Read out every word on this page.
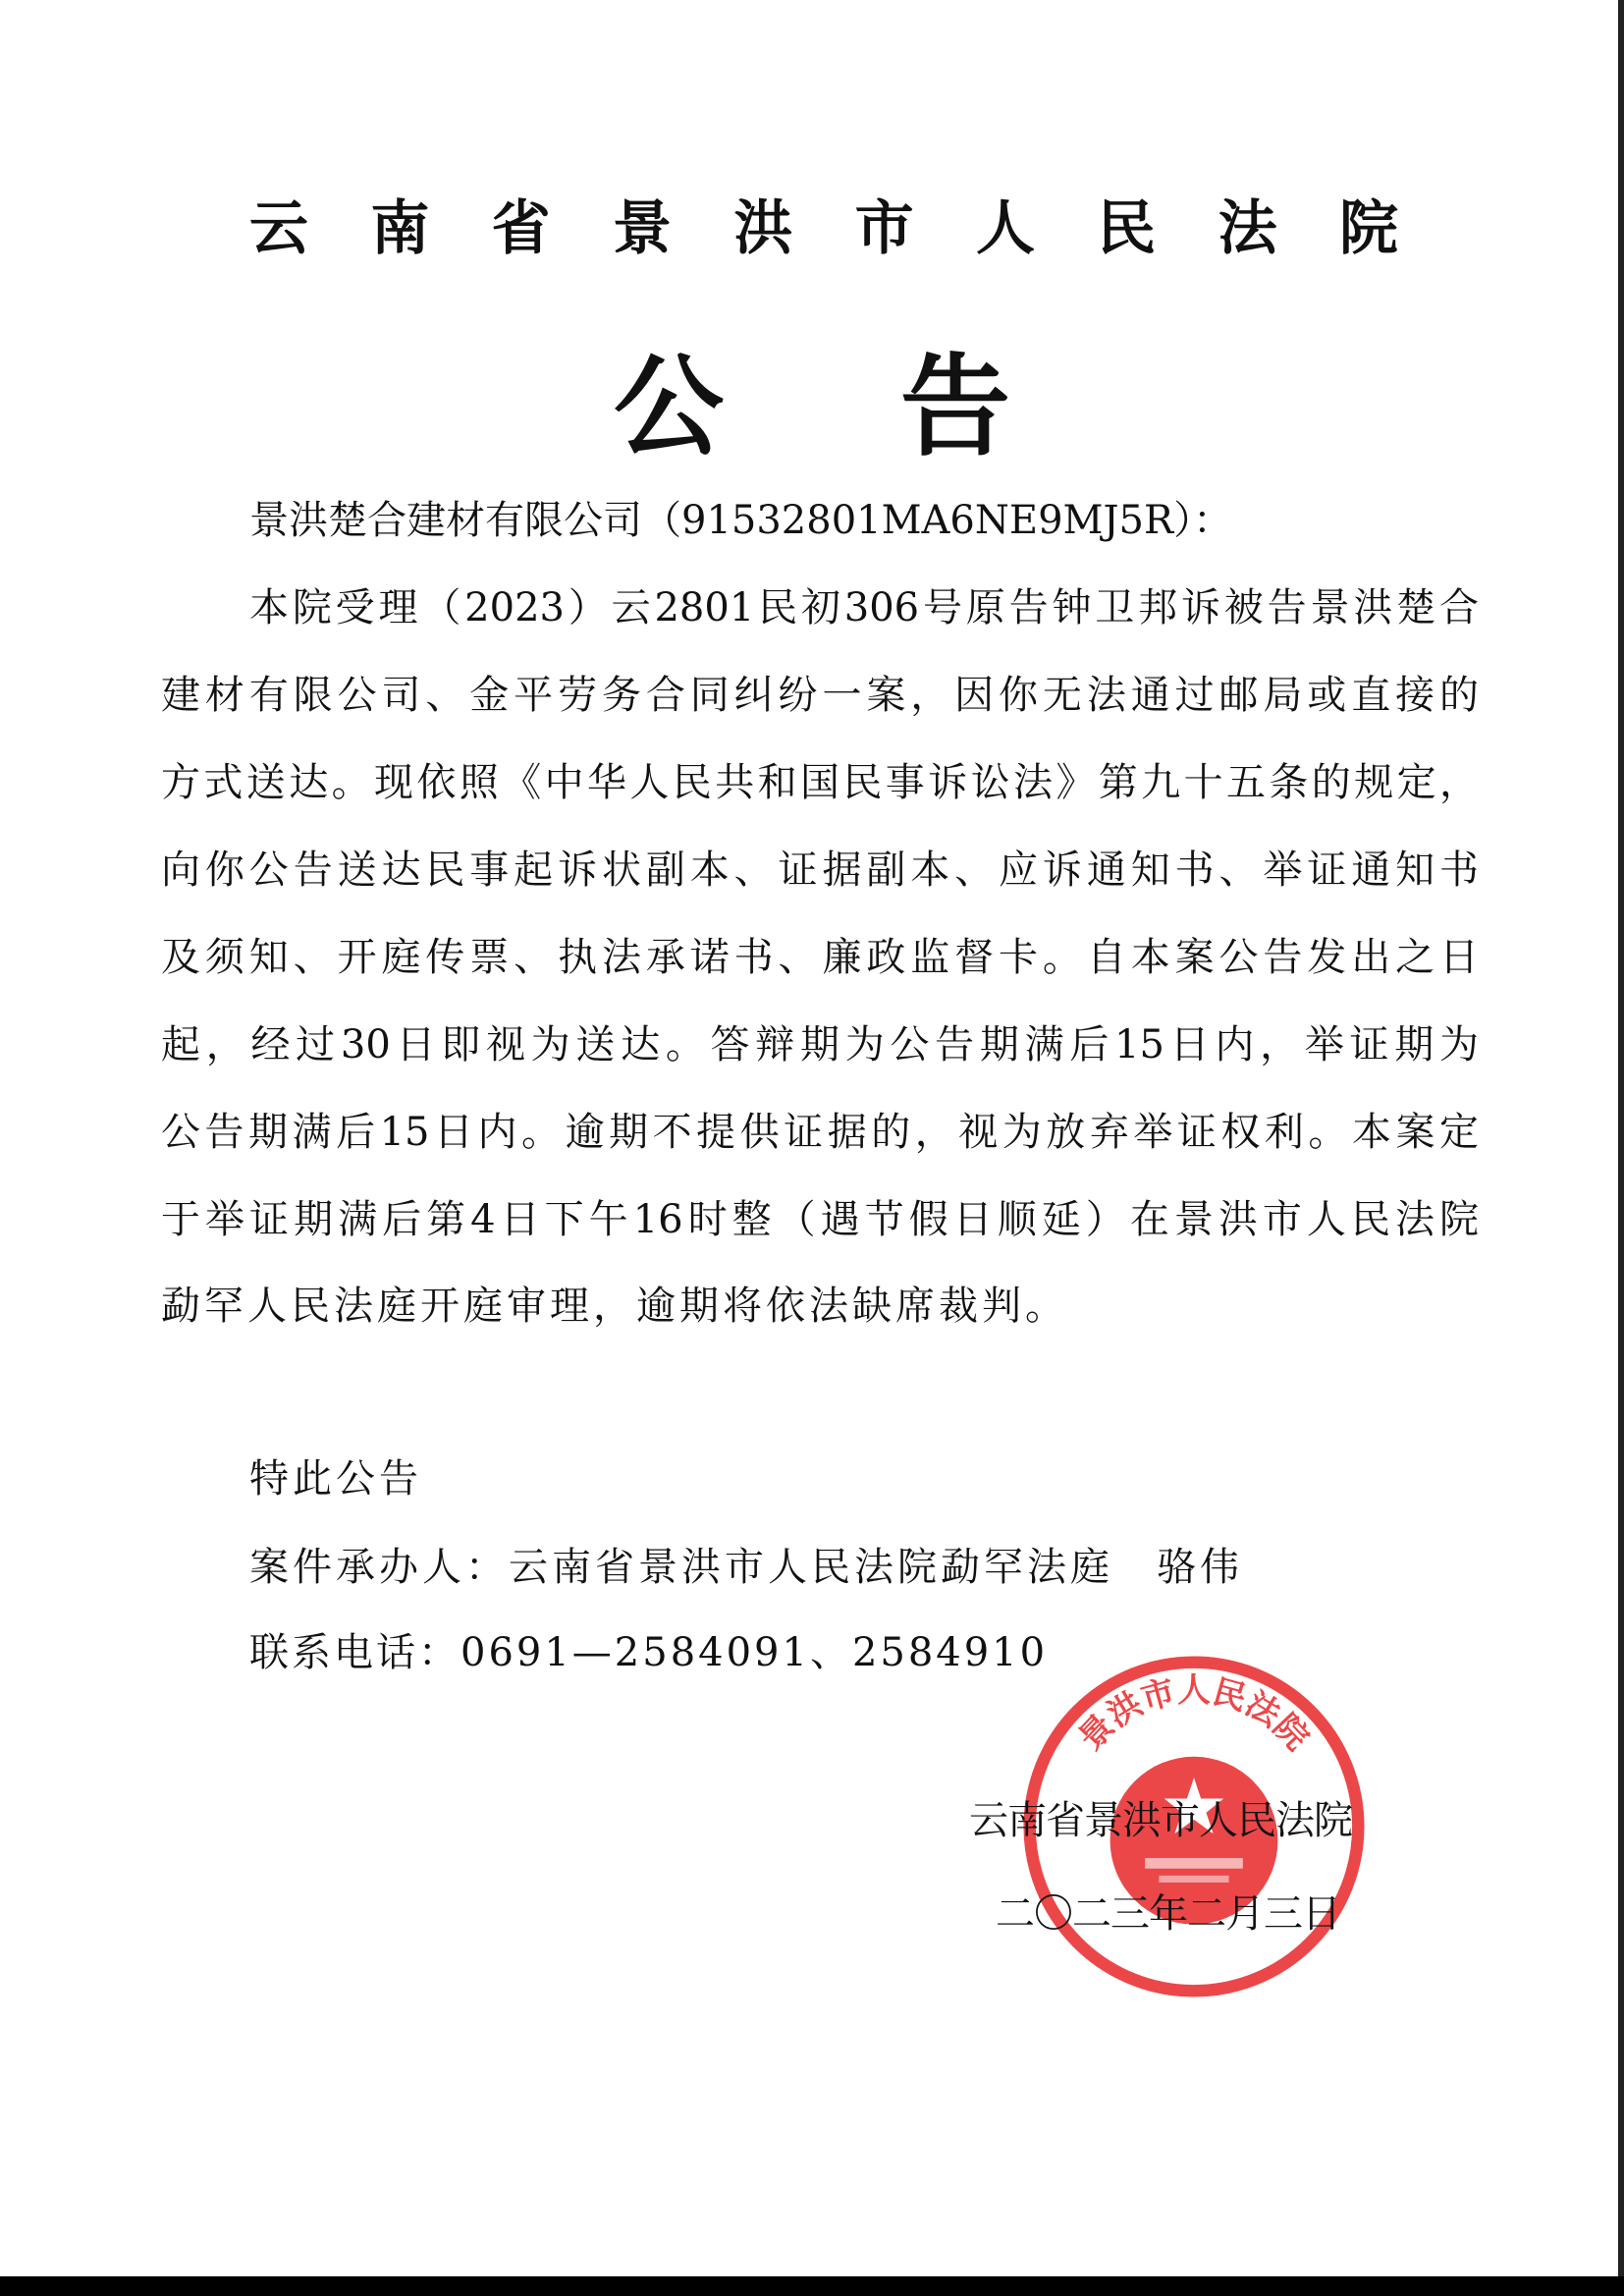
云 南 省 景 洪 市 人 民 法 院
公告
景洪楚合建材有限公司（91532801MA6NE9MJ5R）：
本院受理（2023）云2801民初306号原告钟卫邦诉被告景洪楚合
建材有限公司、金平劳务合同纠纷一案，因你无法通过邮局或直接的
方式送达。现依照《中华人民共和国民事诉讼法》第九十五条的规定，
向你公告送达民事起诉状副本、证据副本、应诉通知书、举证通知书
及须知、开庭传票、执法承诺书、廉政监督卡。自本案公告发出之日
起，经过30日即视为送达。答辩期为公告期满后15日内，举证期为
公告期满后15日内。逾期不提供证据的，视为放弃举证权利。本案定
于举证期满后第4日下午16时整（遇节假日顺延）在景洪市人民法院
勐罕人民法庭开庭审理，逾期将依法缺席裁判。
特此公告
案件承办人：云南省景洪市人民法院勐罕法庭　骆伟
联系电话：0691—2584091、2584910
景洪市人民法院
云南省景洪市人民法院
二〇二三年二月三日
